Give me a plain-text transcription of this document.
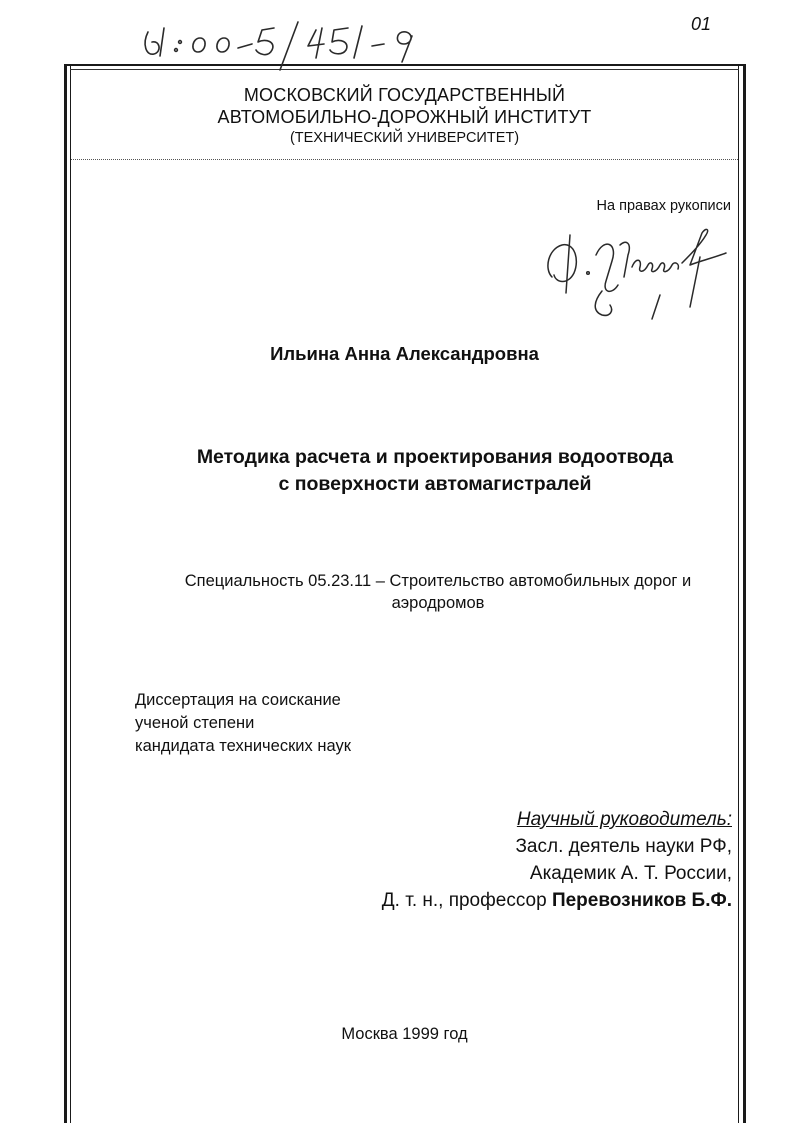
01
МОСКОВСКИЙ ГОСУДАРСТВЕННЫЙ
АВТОМОБИЛЬНО-ДОРОЖНЫЙ ИНСТИТУТ
(ТЕХНИЧЕСКИЙ УНИВЕРСИТЕТ)
На правах рукописи
Ильина Анна Александровна
Методика расчета и проектирования водоотвода
с поверхности автомагистралей
Специальность 05.23.11 – Строительство автомобильных дорог и
аэродромов
Диссертация на соискание
ученой степени
кандидата технических наук
Научный руководитель:
Засл. деятель науки РФ,
Академик А. Т. России,
Д. т. н., профессор Перевозников Б.Ф.
Москва 1999 год
